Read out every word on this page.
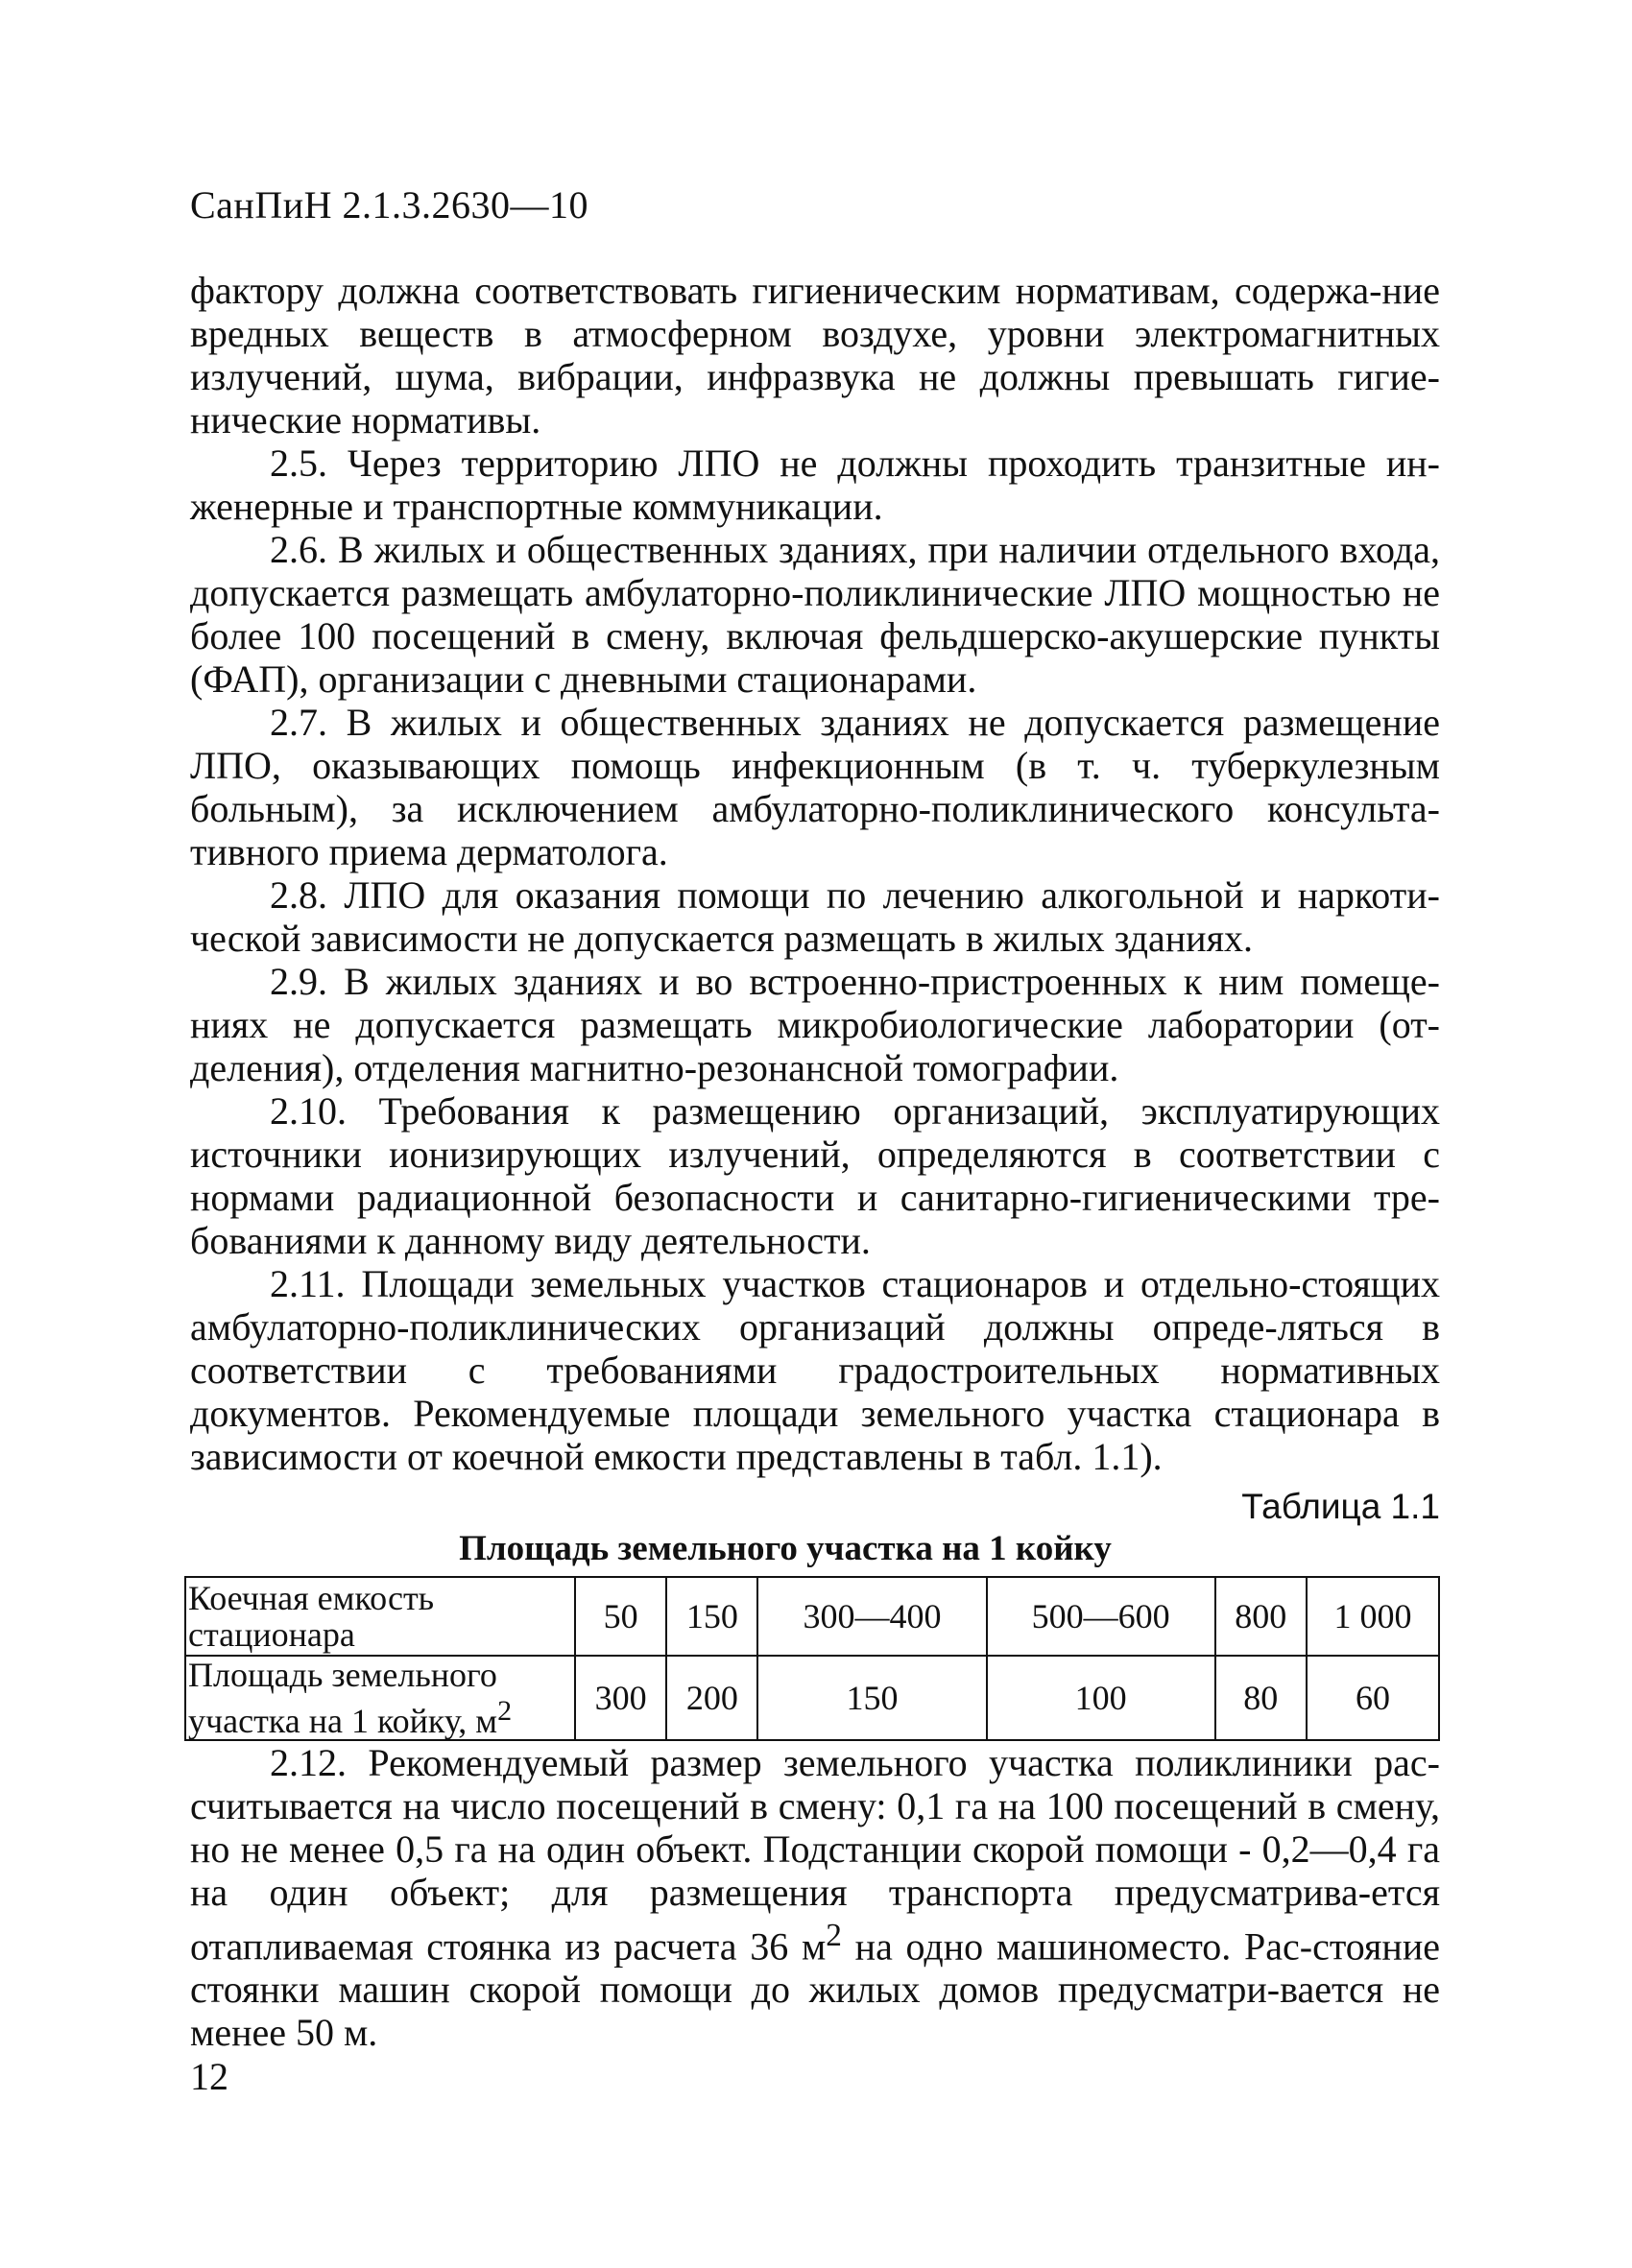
СанПиН 2.1.3.2630—10

фактору должна соответствовать гигиеническим нормативам, содержа-ние вредных веществ в атмосферном воздухе, уровни электромагнитных излучений, шума, вибрации, инфразвука не должны превышать гигие-нические нормативы.

2.5. Через территорию ЛПО не должны проходить транзитные ин-женерные и транспортные коммуникации.

2.6. В жилых и общественных зданиях, при наличии отдельного входа, допускается размещать амбулаторно-поликлинические ЛПО мощностью не более 100 посещений в смену, включая фельдшерско-акушерские пункты (ФАП), организации с дневными стационарами.

2.7. В жилых и общественных зданиях не допускается размещение ЛПО, оказывающих помощь инфекционным (в т. ч. туберкулезным больным), за исключением амбулаторно-поликлинического консульта-тивного приема дерматолога.

2.8. ЛПО для оказания помощи по лечению алкогольной и наркоти-ческой зависимости не допускается размещать в жилых зданиях.

2.9. В жилых зданиях и во встроенно-пристроенных к ним помеще-ниях не допускается размещать микробиологические лаборатории (от-деления), отделения магнитно-резонансной томографии.

2.10. Требования к размещению организаций, эксплуатирующих источники ионизирующих излучений, определяются в соответствии с нормами радиационной безопасности и санитарно-гигиеническими тре-бованиями к данному виду деятельности.

2.11. Площади земельных участков стационаров и отдельно-стоящих амбулаторно-поликлинических организаций должны опреде-ляться в соответствии с требованиями градостроительных нормативных документов. Рекомендуемые площади земельного участка стационара в зависимости от коечной емкости представлены в табл. 1.1).

Таблица 1.1
Площадь земельного участка на 1 койку
Коечная емкость стационара	50	150	300—400	500—600	800	1 000
Площадь земельного участка на 1 койку, $м^2$	300	200	150	100	80	60

2.12. Рекомендуемый размер земельного участка поликлиники рас-считывается на число посещений в смену: 0,1 га на 100 посещений в смену, но не менее 0,5 га на один объект. Подстанции скорой помощи - 0,2—0,4 га на один объект; для размещения транспорта предусматрива-ется отапливаемая стоянка из расчета 36 $м^2$ на одно машиноместо. Рас-стояние стоянки машин скорой помощи до жилых домов предусматри-вается не менее 50 м.

12
